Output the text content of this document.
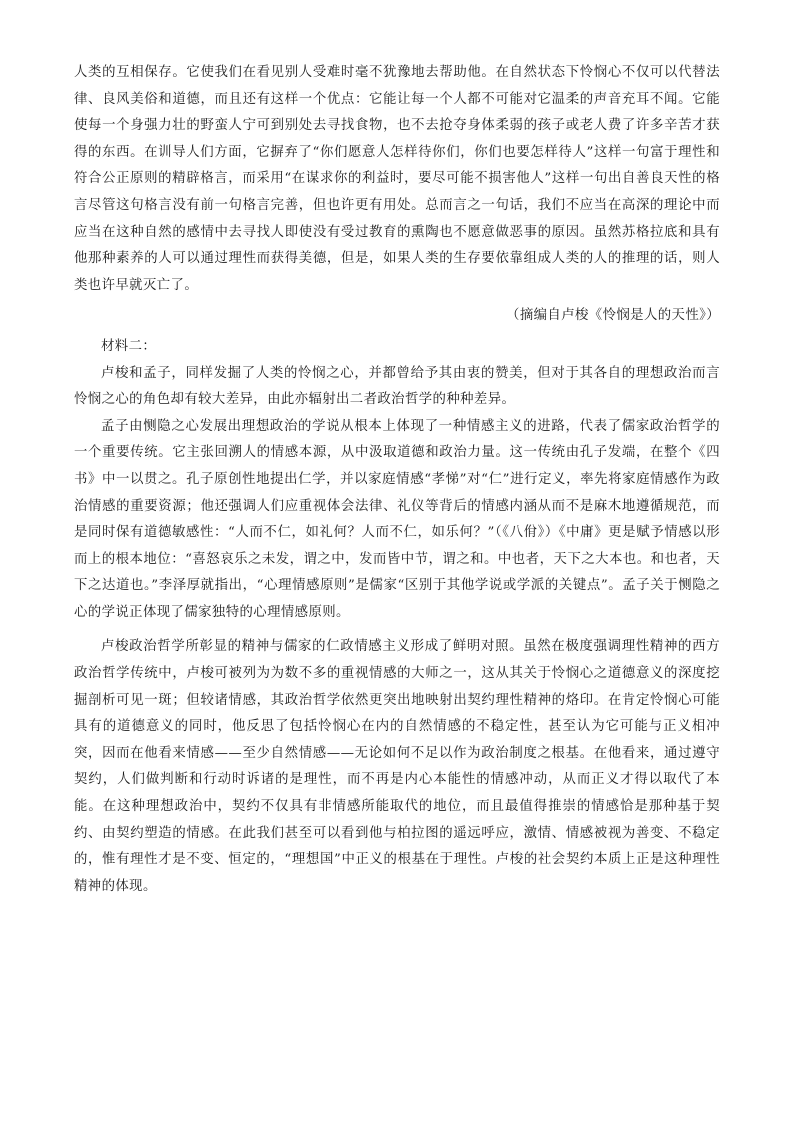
人类的互相保存。它使我们在看见别人受难时毫不犹豫地去帮助他。在自然状态下怜悯心不仅可以代替法律、良风美俗和道德，而且还有这样一个优点：它能让每一个人都不可能对它温柔的声音充耳不闻。它能使每一个身强力壮的野蛮人宁可到别处去寻找食物，也不去抢夺身体柔弱的孩子或老人费了许多辛苦才获得的东西。在训导人们方面，它摒弃了“你们愿意人怎样待你们，你们也要怎样待人”这样一句富于理性和符合公正原则的精辟格言，而采用“在谋求你的利益时，要尽可能不损害他人”这样一句出自善良天性的格言尽管这句格言没有前一句格言完善，但也许更有用处。总而言之一句话，我们不应当在高深的理论中而应当在这种自然的感情中去寻找人即使没有受过教育的熏陶也不愿意做恶事的原因。虽然苏格拉底和具有他那种素养的人可以通过理性而获得美德，但是，如果人类的生存要依靠组成人类的人的推理的话，则人类也许早就灭亡了。

（摘编自卢梭《怜悯是人的天性》）

材料二：

卢梭和孟子，同样发掘了人类的怜悯之心，并都曾给予其由衷的赞美，但对于其各自的理想政治而言怜悯之心的角色却有较大差异，由此亦辐射出二者政治哲学的种种差异。

孟子由恻隐之心发展出理想政治的学说从根本上体现了一种情感主义的进路，代表了儒家政治哲学的一个重要传统。它主张回溯人的情感本源，从中汲取道德和政治力量。这一传统由孔子发端，在整个《四书》中一以贯之。孔子原创性地提出仁学，并以家庭情感“孝悌”对“仁”进行定义，率先将家庭情感作为政治情感的重要资源；他还强调人们应重视体会法律、礼仪等背后的情感内涵从而不是麻木地遵循规范，而是同时保有道德敏感性：“人而不仁，如礼何？人而不仁，如乐何？”（《八佾》）《中庸》更是赋予情感以形而上的根本地位：“喜怒哀乐之未发，谓之中，发而皆中节，谓之和。中也者，天下之大本也。和也者，天下之达道也。”李泽厚就指出，“心理情感原则”是儒家“区别于其他学说或学派的关键点”。孟子关于恻隐之心的学说正体现了儒家独特的心理情感原则。

卢梭政治哲学所彰显的精神与儒家的仁政情感主义形成了鲜明对照。虽然在极度强调理性精神的西方政治哲学传统中，卢梭可被列为为数不多的重视情感的大师之一，这从其关于怜悯心之道德意义的深度挖掘剖析可见一斑；但较诸情感，其政治哲学依然更突出地映射出契约理性精神的烙印。在肯定怜悯心可能具有的道德意义的同时，他反思了包括怜悯心在内的自然情感的不稳定性，甚至认为它可能与正义相冲突，因而在他看来情感——至少自然情感——无论如何不足以作为政治制度之根基。在他看来，通过遵守契约，人们做判断和行动时诉诸的是理性，而不再是内心本能性的情感冲动，从而正义才得以取代了本能。在这种理想政治中，契约不仅具有非情感所能取代的地位，而且最值得推崇的情感恰是那种基于契约、由契约塑造的情感。在此我们甚至可以看到他与柏拉图的遥远呼应，激情、情感被视为善变、不稳定的，惟有理性才是不变、恒定的，“理想国”中正义的根基在于理性。卢梭的社会契约本质上正是这种理性精神的体现。
